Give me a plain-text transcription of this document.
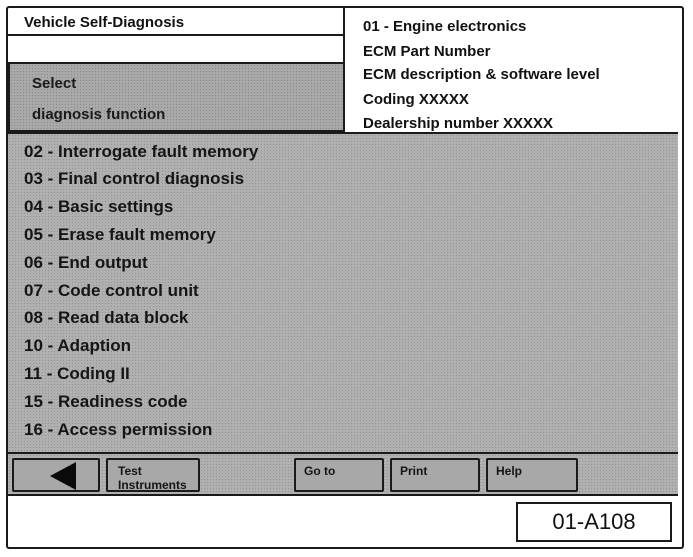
Vehicle Self-Diagnosis
Select
diagnosis function
01 - Engine electronics
ECM Part Number
ECM description & software level
Coding XXXXX
Dealership number XXXXX
02 - Interrogate fault memory
03 - Final control diagnosis
04 - Basic settings
05 - Erase fault memory
06 - End output
07 - Code control unit
08 - Read data block
10 - Adaption
11 - Coding II
15 - Readiness code
16 - Access permission
Test
Instruments
Go to	Print	Help
01-A108
